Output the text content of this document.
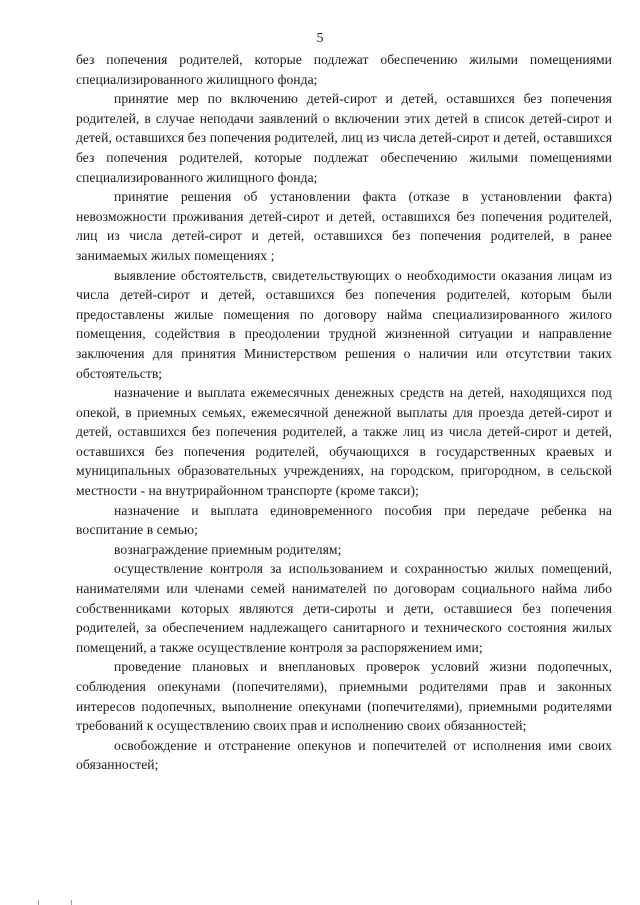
5

без попечения родителей, которые подлежат обеспечению жилыми помещениями специализированного жилищного фонда;

принятие мер по включению детей-сирот и детей, оставшихся без попечения родителей, в случае неподачи заявлений о включении этих детей в список детей-сирот и детей, оставшихся без попечения родителей, лиц из числа детей-сирот и детей, оставшихся без попечения родителей, которые подлежат обеспечению жилыми помещениями специализированного жилищного фонда;

принятие решения об установлении факта (отказе в установлении факта) невозможности проживания детей-сирот и детей, оставшихся без попечения родителей, лиц из числа детей-сирот и детей, оставшихся без попечения родителей, в ранее занимаемых жилых помещениях ;

выявление обстоятельств, свидетельствующих о необходимости оказания лицам из числа детей-сирот и детей, оставшихся без попечения родителей, которым были предоставлены жилые помещения по договору найма специализированного жилого помещения, содействия в преодолении трудной жизненной ситуации и направление заключения для принятия Министерством решения о наличии или отсутствии таких обстоятельств;

назначение и выплата ежемесячных денежных средств на детей, находящихся под опекой, в приемных семьях, ежемесячной денежной выплаты для проезда детей-сирот и детей, оставшихся без попечения родителей, а также лиц из числа детей-сирот и детей, оставшихся без попечения родителей, обучающихся в государственных краевых и муниципальных образовательных учреждениях, на городском, пригородном, в сельской местности - на внутрирайонном транспорте (кроме такси);

назначение и выплата единовременного пособия при передаче ребенка на воспитание в семью;

вознаграждение приемным родителям;

осуществление контроля за использованием и сохранностью жилых помещений, нанимателями или членами семей нанимателей по договорам социального найма либо собственниками которых являются дети-сироты и дети, оставшиеся без попечения родителей, за обеспечением надлежащего санитарного и технического состояния жилых помещений, а также осуществление контроля за распоряжением ими;

проведение плановых и внеплановых проверок условий жизни подопечных, соблюдения опекунами (попечителями), приемными родителями прав и законных интересов подопечных, выполнение опекунами (попечителями), приемными родителями требований к осуществлению своих прав и исполнению своих обязанностей;

освобождение и отстранение опекунов и попечителей от исполнения ими своих обязанностей;
